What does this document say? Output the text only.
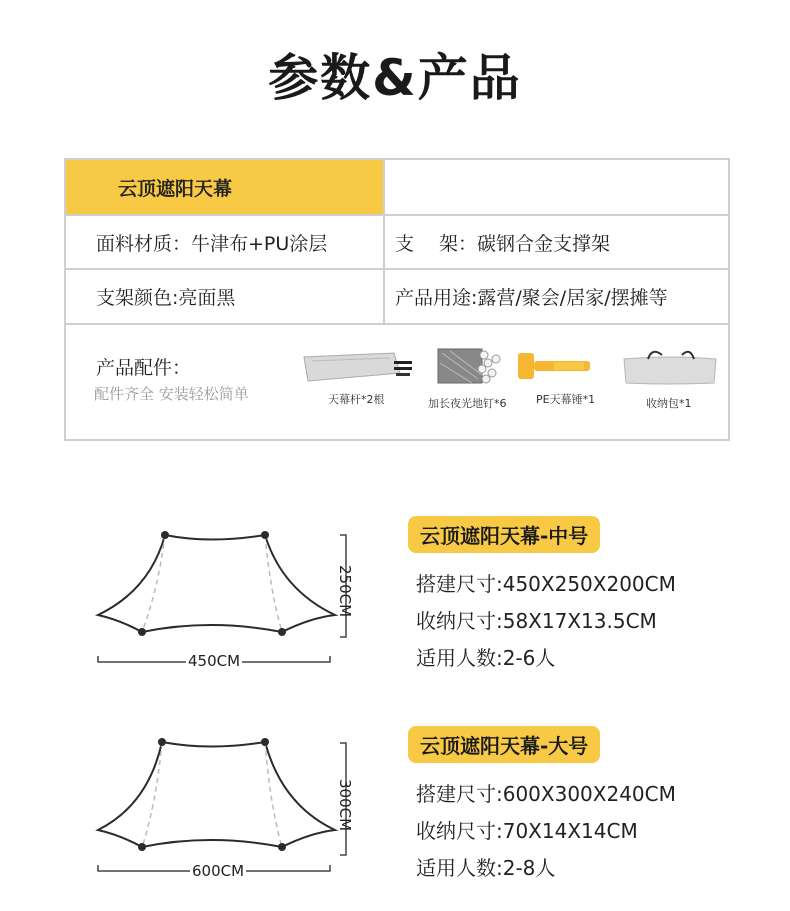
参数&产品
云顶遮阳天幕
面料材质：牛津布+PU涂层	支　 架：碳钢合金支撑架
支架颜色:亮面黑	产品用途:露营/聚会/居家/摆摊等
产品配件：
配件齐全 安装轻松简单	天幕杆*2根	加长夜光地钉*6	PE天幕锤*1	收纳包*1
450CM
250CM
云顶遮阳天幕-中号
搭建尺寸:450X250X200CM
收纳尺寸:58X17X13.5CM
适用人数:2-6人
600CM
300CM
云顶遮阳天幕-大号
搭建尺寸:600X300X240CM
收纳尺寸:70X14X14CM
适用人数:2-8人
